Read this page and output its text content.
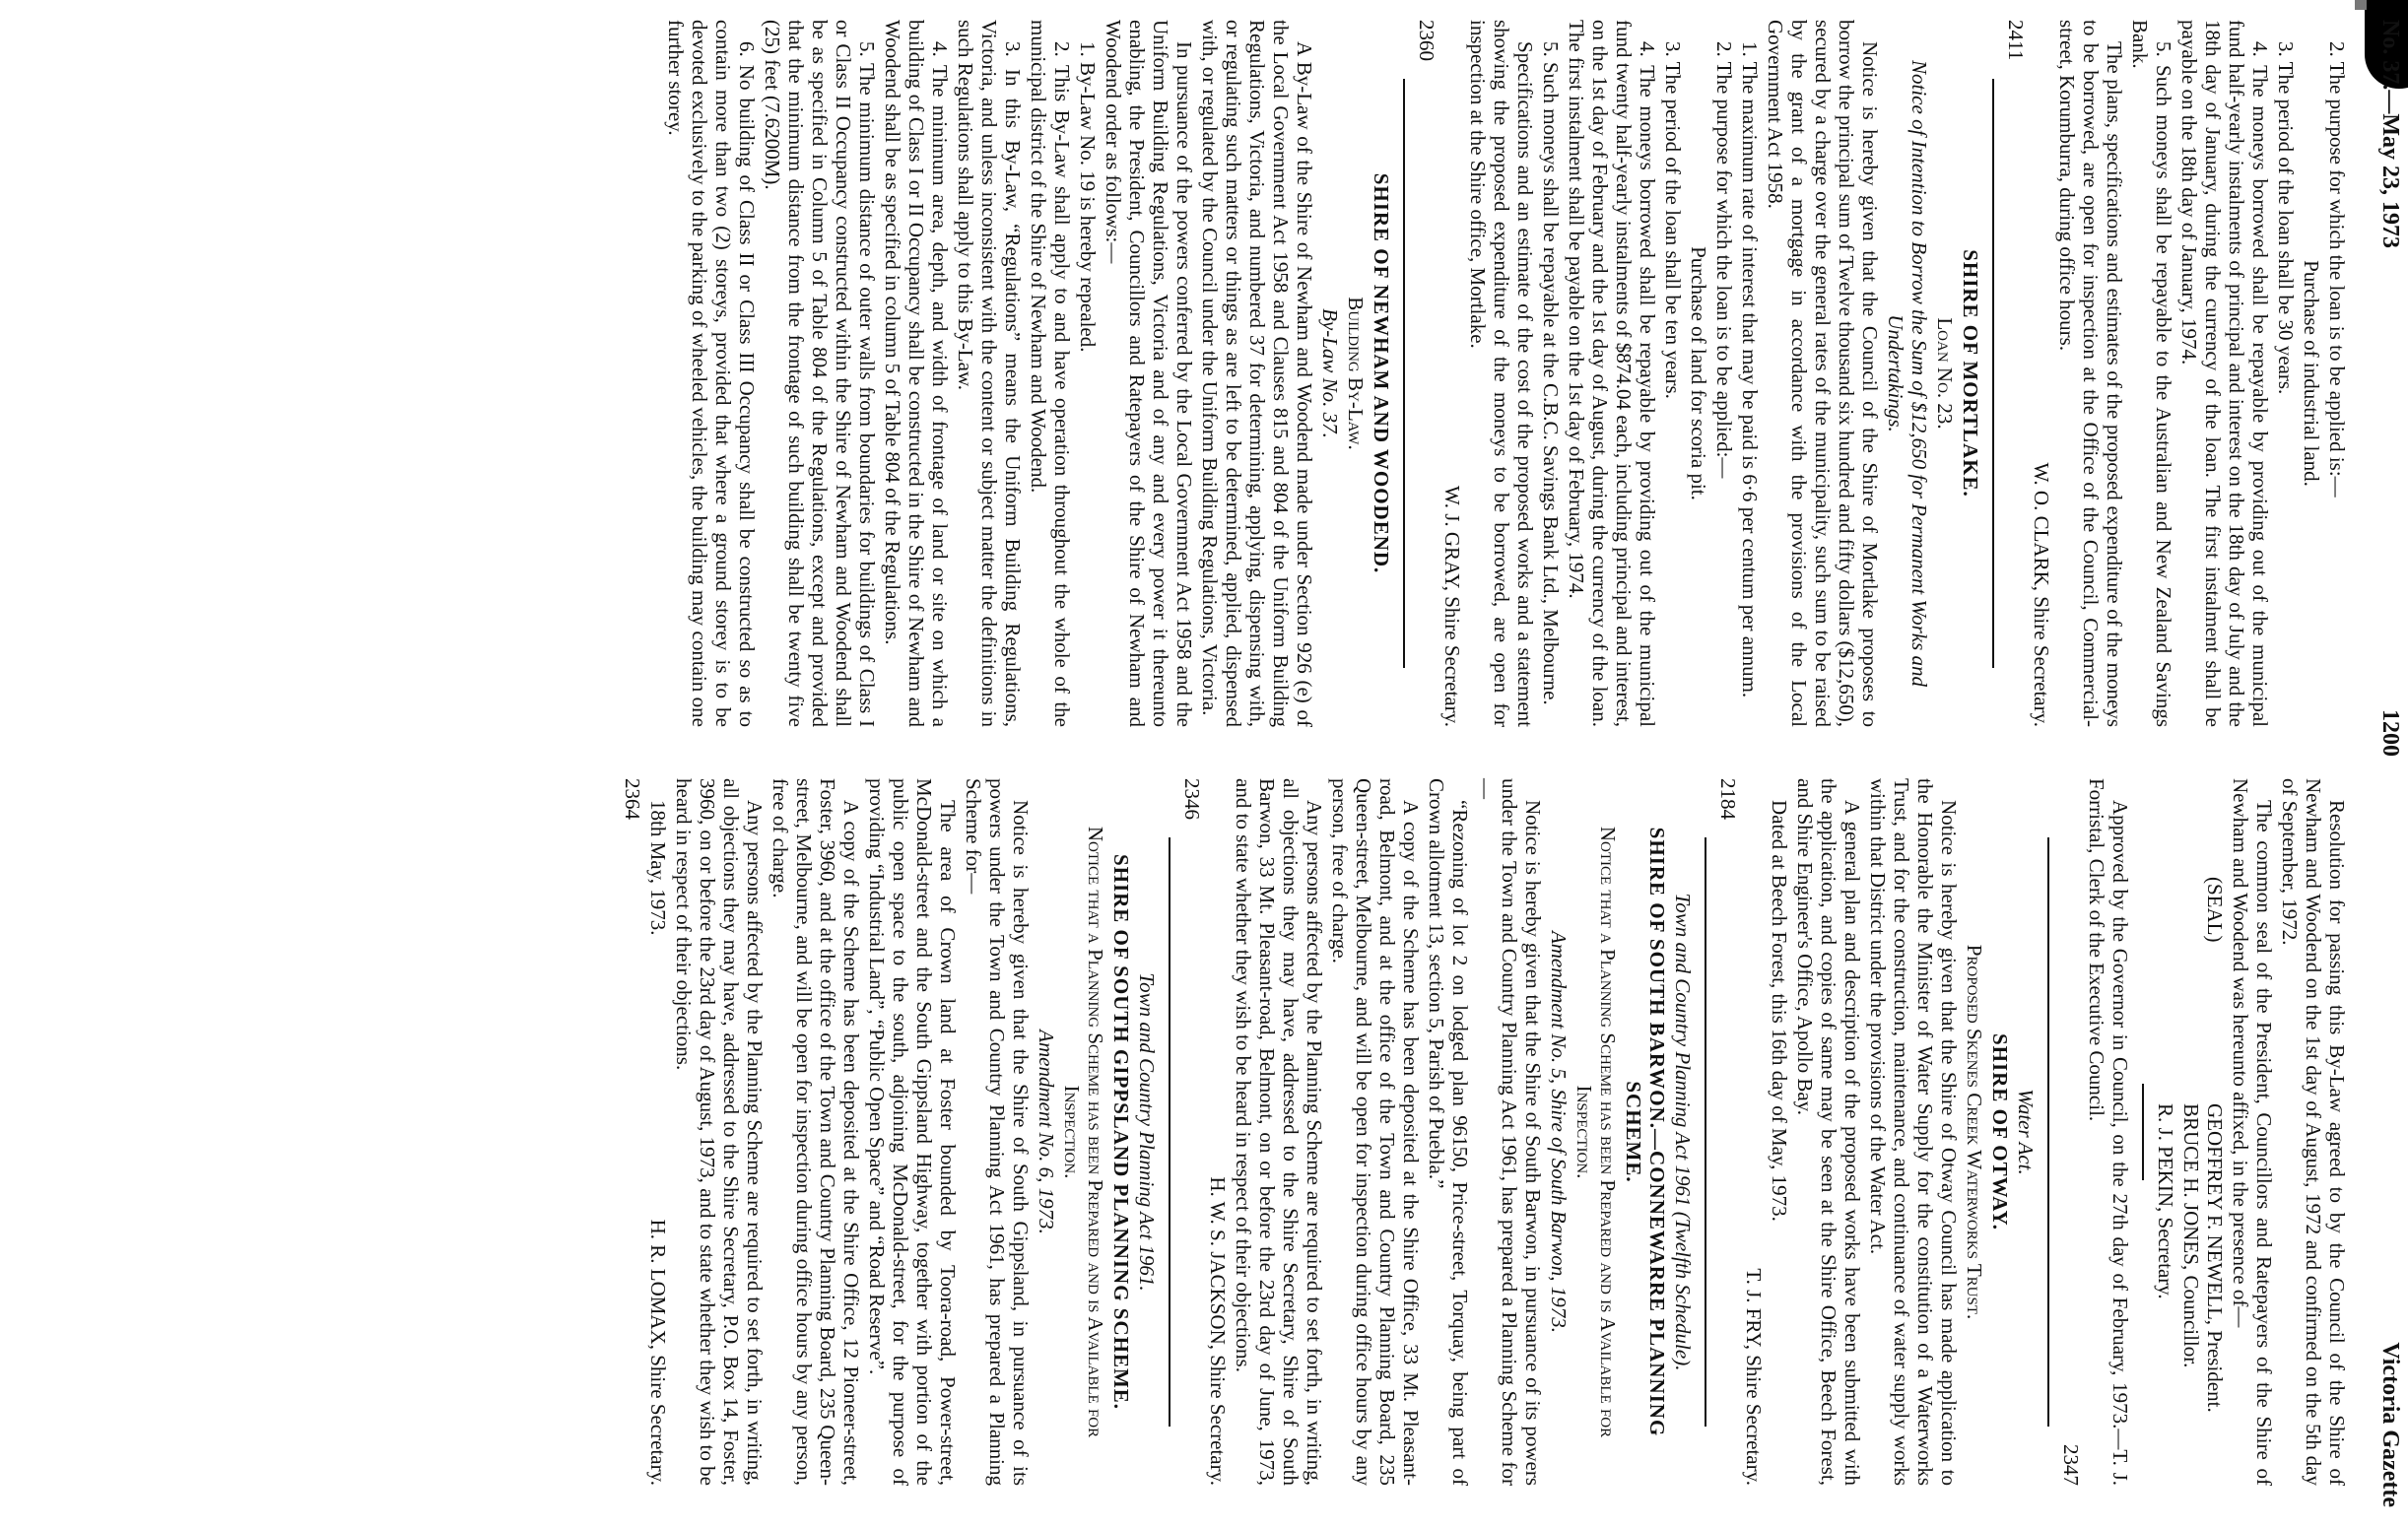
No. 37.—May 23, 1973
1200
Victoria Gazette

2. The purpose for which the loan is to be applied is:—

Purchase of industrial land.

3. The period of the loan shall be 30 years.

4. The moneys borrowed shall be repayable by providing out of the municipal fund half-yearly instalments of principal and interest on the 18th day of July and the 18th day of January, during the currency of the loan. The first instalment shall be payable on the 18th day of January, 1974.

5. Such moneys shall be repayable to the Australian and New Zealand Savings Bank.

The plans, specifications and estimates of the proposed expenditure of the moneys to be borrowed, are open for inspection at the Office of the Council, Commercial-street, Korumburra, during office hours.

W. O. CLARK, Shire Secretary.

2411

SHIRE OF MORTLAKE.

Loan No. 23.

Notice of Intention to Borrow the Sum of $12,650 for Permanent Works and Undertakings.

Notice is hereby given that the Council of the Shire of Mortlake proposes to borrow the principal sum of Twelve thousand six hundred and fifty dollars ($12,650), secured by a charge over the general rates of the municipality, such sum to be raised by the grant of a mortgage in accordance with the provisions of the Local Government Act 1958.

1. The maximum rate of interest that may be paid is 6·6 per centum per annum.

2. The purpose for which the loan is to be applied:—

Purchase of land for scoria pit.

3. The period of the loan shall be ten years.

4. The moneys borrowed shall be repayable by providing out of the municipal fund twenty half-yearly instalments of $874.04 each, including principal and interest, on the 1st day of February and the 1st day of August, during the currency of the loan. The first instalment shall be payable on the 1st day of February, 1974.

5. Such moneys shall be repayable at the C.B.C. Savings Bank Ltd., Melbourne.

Specifications and an estimate of the cost of the proposed works and a statement showing the proposed expenditure of the moneys to be borrowed, are open for inspection at the Shire office, Mortlake.

W. J. GRAY, Shire Secretary.

2360

SHIRE OF NEWHAM AND WOODEND.

Building By-Law.

By-Law No. 37.

A By-Law of the Shire of Newham and Woodend made under Section 926 (e) of the Local Government Act 1958 and Clauses 815 and 804 of the Uniform Building Regulations, Victoria, and numbered 37 for determining, applying, dispensing with, or regulating such matters or things as are left to be determined, applied, dispensed with, or regulated by the Council under the Uniform Building Regulations, Victoria.

In pursuance of the powers conferred by the Local Government Act 1958 and the Uniform Building Regulations, Victoria and of any and every power it thereunto enabling, the President, Councillors and Ratepayers of the Shire of Newham and Woodend order as follows:—

1. By-Law No. 19 is hereby repealed.

2. This By-Law shall apply to and have operation throughout the whole of the municipal district of the Shire of Newham and Woodend.

3. In this By-Law, “Regulations” means the Uniform Building Regulations, Victoria, and unless inconsistent with the content or subject matter the definitions in such Regulations shall apply to this By-Law.

4. The minimum area, depth, and width of frontage of land or site on which a building of Class I or II Occupancy shall be constructed in the Shire of Newham and Woodend shall be as specified in column 5 of Table 804 of the Regulations.

5. The minimum distance of outer walls from boundaries for buildings of Class I or Class II Occupancy constructed within the Shire of Newham and Woodend shall be as specified in Column 5 of Table 804 of the Regulations, except and provided that the minimum distance from the frontage of such building shall be twenty five (25) feet (7.6200M).

6. No building of Class II or Class III Occupancy shall be constructed so as to contain more than two (2) storeys, provided that where a ground storey is to be devoted exclusively to the parking of wheeled vehicles, the building may contain one further storey.

Resolution for passing this By-Law agreed to by the Council of the Shire of Newham and Woodend on the 1st day of August, 1972 and confirmed on the 5th day of September, 1972.

The common seal of the President, Councillors and Ratepayers of the Shire of Newham and Woodend was hereunto affixed, in the presence of—

(SEAL)
GEOFFREY F. NEWELL, President.

BRUCE H. JONES, Councillor.

R. J. PEKIN, Secretary.

Approved by the Governor in Council, on the 27th day of February, 1973.—T. J. Forristal, Clerk of the Executive Council.

2347

Water Act.

SHIRE OF OTWAY.

Proposed Skenes Creek Waterworks Trust.

Notice is hereby given that the Shire of Otway Council has made application to the Honorable the Minister of Water Supply for the constitution of a Waterworks Trust, and for the construction, maintenance, and continuance of water supply works within that District under the provisions of the Water Act.

A general plan and description of the proposed works have been submitted with the application, and copies of same may be seen at the Shire Office, Beech Forest, and Shire Engineer's Office, Apollo Bay.

Dated at Beech Forest, this 16th day of May, 1973.

T. J. FRY, Shire Secretary.

2184

Town and Country Planning Act 1961 (Twelfth Schedule).

SHIRE OF SOUTH BARWON.—CONNEWARRE PLANNING SCHEME.

Notice that a Planning Scheme has been Prepared and is Available for Inspection.

Amendment No. 5, Shire of South Barwon, 1973.

Notice is hereby given that the Shire of South Barwon, in pursuance of its powers under the Town and Country Planning Act 1961, has prepared a Planning Scheme for—

“Rezoning of lot 2 on lodged plan 96150, Price-street, Torquay, being part of Crown allotment 13, section 5, Parish of Puebla.”

A copy of the Scheme has been deposited at the Shire Office, 33 Mt. Pleasant-road, Belmont, and at the office of the Town and Country Planning Board, 235 Queen-street, Melbourne, and will be open for inspection during office hours by any person, free of charge.

Any persons affected by the Planning Scheme are required to set forth, in writing, all objections they may have, addressed to the Shire Secretary, Shire of South Barwon, 33 Mt. Pleasant-road, Belmont, on or before the 23rd day of June, 1973, and to state whether they wish to be heard in respect of their objections.

H. W. S. JACKSON, Shire Secretary.

2346

Town and Country Planning Act 1961.

SHIRE OF SOUTH GIPPSLAND PLANNING SCHEME.

Notice that a Planning Scheme has been Prepared and is Available for Inspection.

Amendment No. 6, 1973.

Notice is hereby given that the Shire of South Gippsland, in pursuance of its powers under the Town and Country Planning Act 1961, has prepared a Planning Scheme for—

The area of Crown land at Foster bounded by Toora-road, Power-street, McDonald-street and the South Gippsland Highway, together with portion of the public open space to the south, adjoining McDonald-street, for the purpose of providing “Industrial Land”, “Public Open Space” and “Road Reserve”.

A copy of the Scheme has been deposited at the Shire Office, 12 Pioneer-street, Foster, 3960, and at the office of the Town and Country Planning Board, 235 Queen-street, Melbourne, and will be open for inspection during office hours by any person, free of charge.

Any persons affected by the Planning Scheme are required to set forth, in writing, all objections they may have, addressed to the Shire Secretary, P.O. Box 14, Foster, 3960, on or before the 23rd day of August, 1973, and to state whether they wish to be heard in respect of their objections.

18th May, 1973.
H. R. LOMAX, Shire Secretary.

2364
